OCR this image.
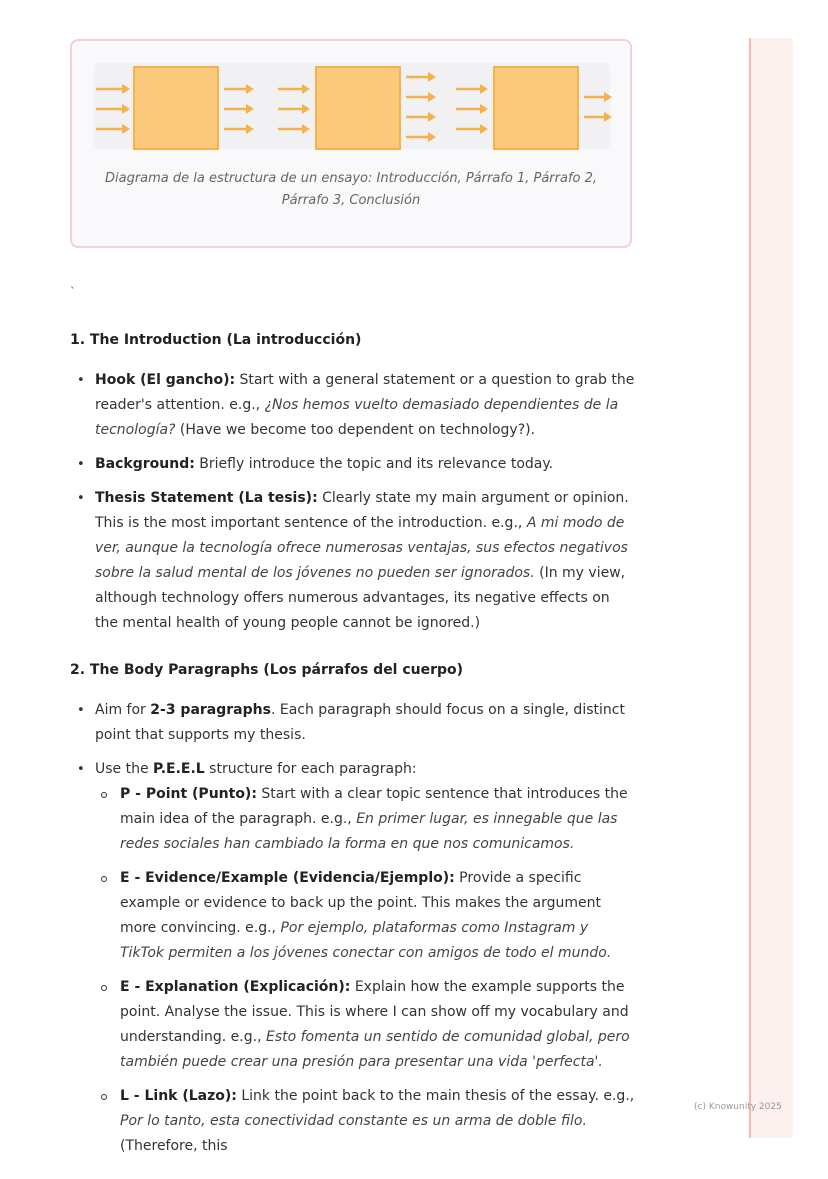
Diagrama de la estructura de un ensayo: Introducción, Párrafo 1, Párrafo 2, Párrafo 3, Conclusión
`
1. The Introduction (La introducción)
• Hook (El gancho): Start with a general statement or a question to grab the reader's attention. e.g., ¿Nos hemos vuelto demasiado dependientes de la tecnología? (Have we become too dependent on technology?).
• Background: Briefly introduce the topic and its relevance today.
• Thesis Statement (La tesis): Clearly state my main argument or opinion. This is the most important sentence of the introduction. e.g., A mi modo de ver, aunque la tecnología ofrece numerosas ventajas, sus efectos negativos sobre la salud mental de los jóvenes no pueden ser ignorados. (In my view, although technology offers numerous advantages, its negative effects on the mental health of young people cannot be ignored.)
2. The Body Paragraphs (Los párrafos del cuerpo)
• Aim for 2-3 paragraphs. Each paragraph should focus on a single, distinct point that supports my thesis.
• Use the P.E.E.L structure for each paragraph:
P - Point (Punto): Start with a clear topic sentence that introduces the main idea of the paragraph. e.g., En primer lugar, es innegable que las redes sociales han cambiado la forma en que nos comunicamos.
E - Evidence/Example (Evidencia/Ejemplo): Provide a specific example or evidence to back up the point. This makes the argument more convincing. e.g., Por ejemplo, plataformas como Instagram y TikTok permiten a los jóvenes conectar con amigos de todo el mundo.
E - Explanation (Explicación): Explain how the example supports the point. Analyse the issue. This is where I can show off my vocabulary and understanding. e.g., Esto fomenta un sentido de comunidad global, pero también puede crear una presión para presentar una vida 'perfecta'.
L - Link (Lazo): Link the point back to the main thesis of the essay. e.g., Por lo tanto, esta conectividad constante es un arma de doble filo. (Therefore, this
(c) Knowunity 2025
